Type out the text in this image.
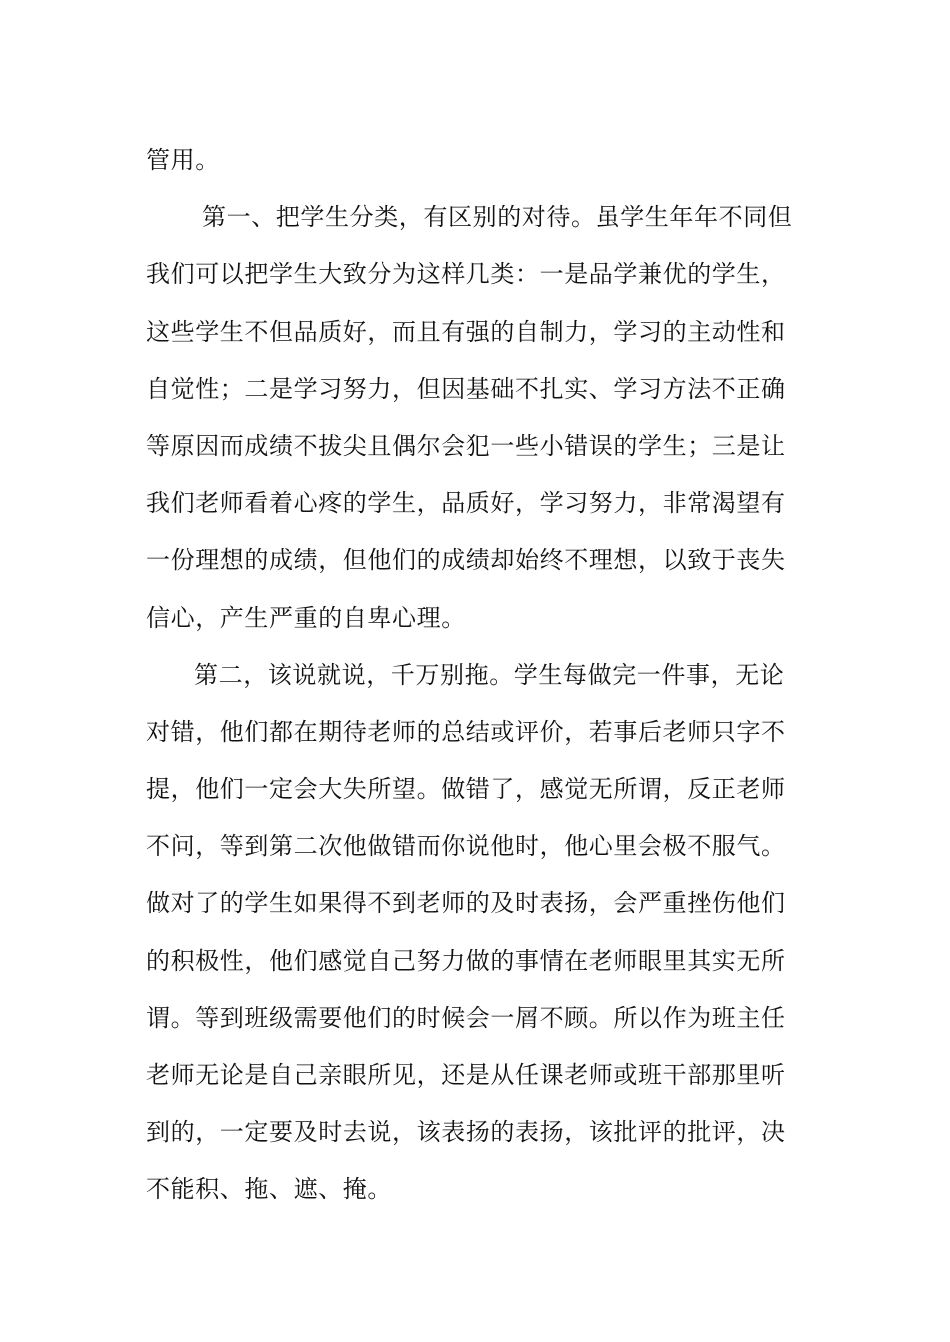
管用。
第一、把学生分类，有区别的对待。虽学生年年不同但
我们可以把学生大致分为这样几类：一是品学兼优的学生，
这些学生不但品质好，而且有强的自制力，学习的主动性和
自觉性；二是学习努力，但因基础不扎实、学习方法不正确
等原因而成绩不拔尖且偶尔会犯一些小错误的学生；三是让
我们老师看着心疼的学生，品质好，学习努力，非常渴望有
一份理想的成绩，但他们的成绩却始终不理想，以致于丧失
信心，产生严重的自卑心理。
第二，该说就说，千万别拖。学生每做完一件事，无论
对错，他们都在期待老师的总结或评价，若事后老师只字不
提，他们一定会大失所望。做错了，感觉无所谓，反正老师
不问，等到第二次他做错而你说他时，他心里会极不服气。
做对了的学生如果得不到老师的及时表扬，会严重挫伤他们
的积极性，他们感觉自己努力做的事情在老师眼里其实无所
谓。等到班级需要他们的时候会一屑不顾。所以作为班主任
老师无论是自己亲眼所见，还是从任课老师或班干部那里听
到的，一定要及时去说，该表扬的表扬，该批评的批评，决
不能积、拖、遮、掩。
